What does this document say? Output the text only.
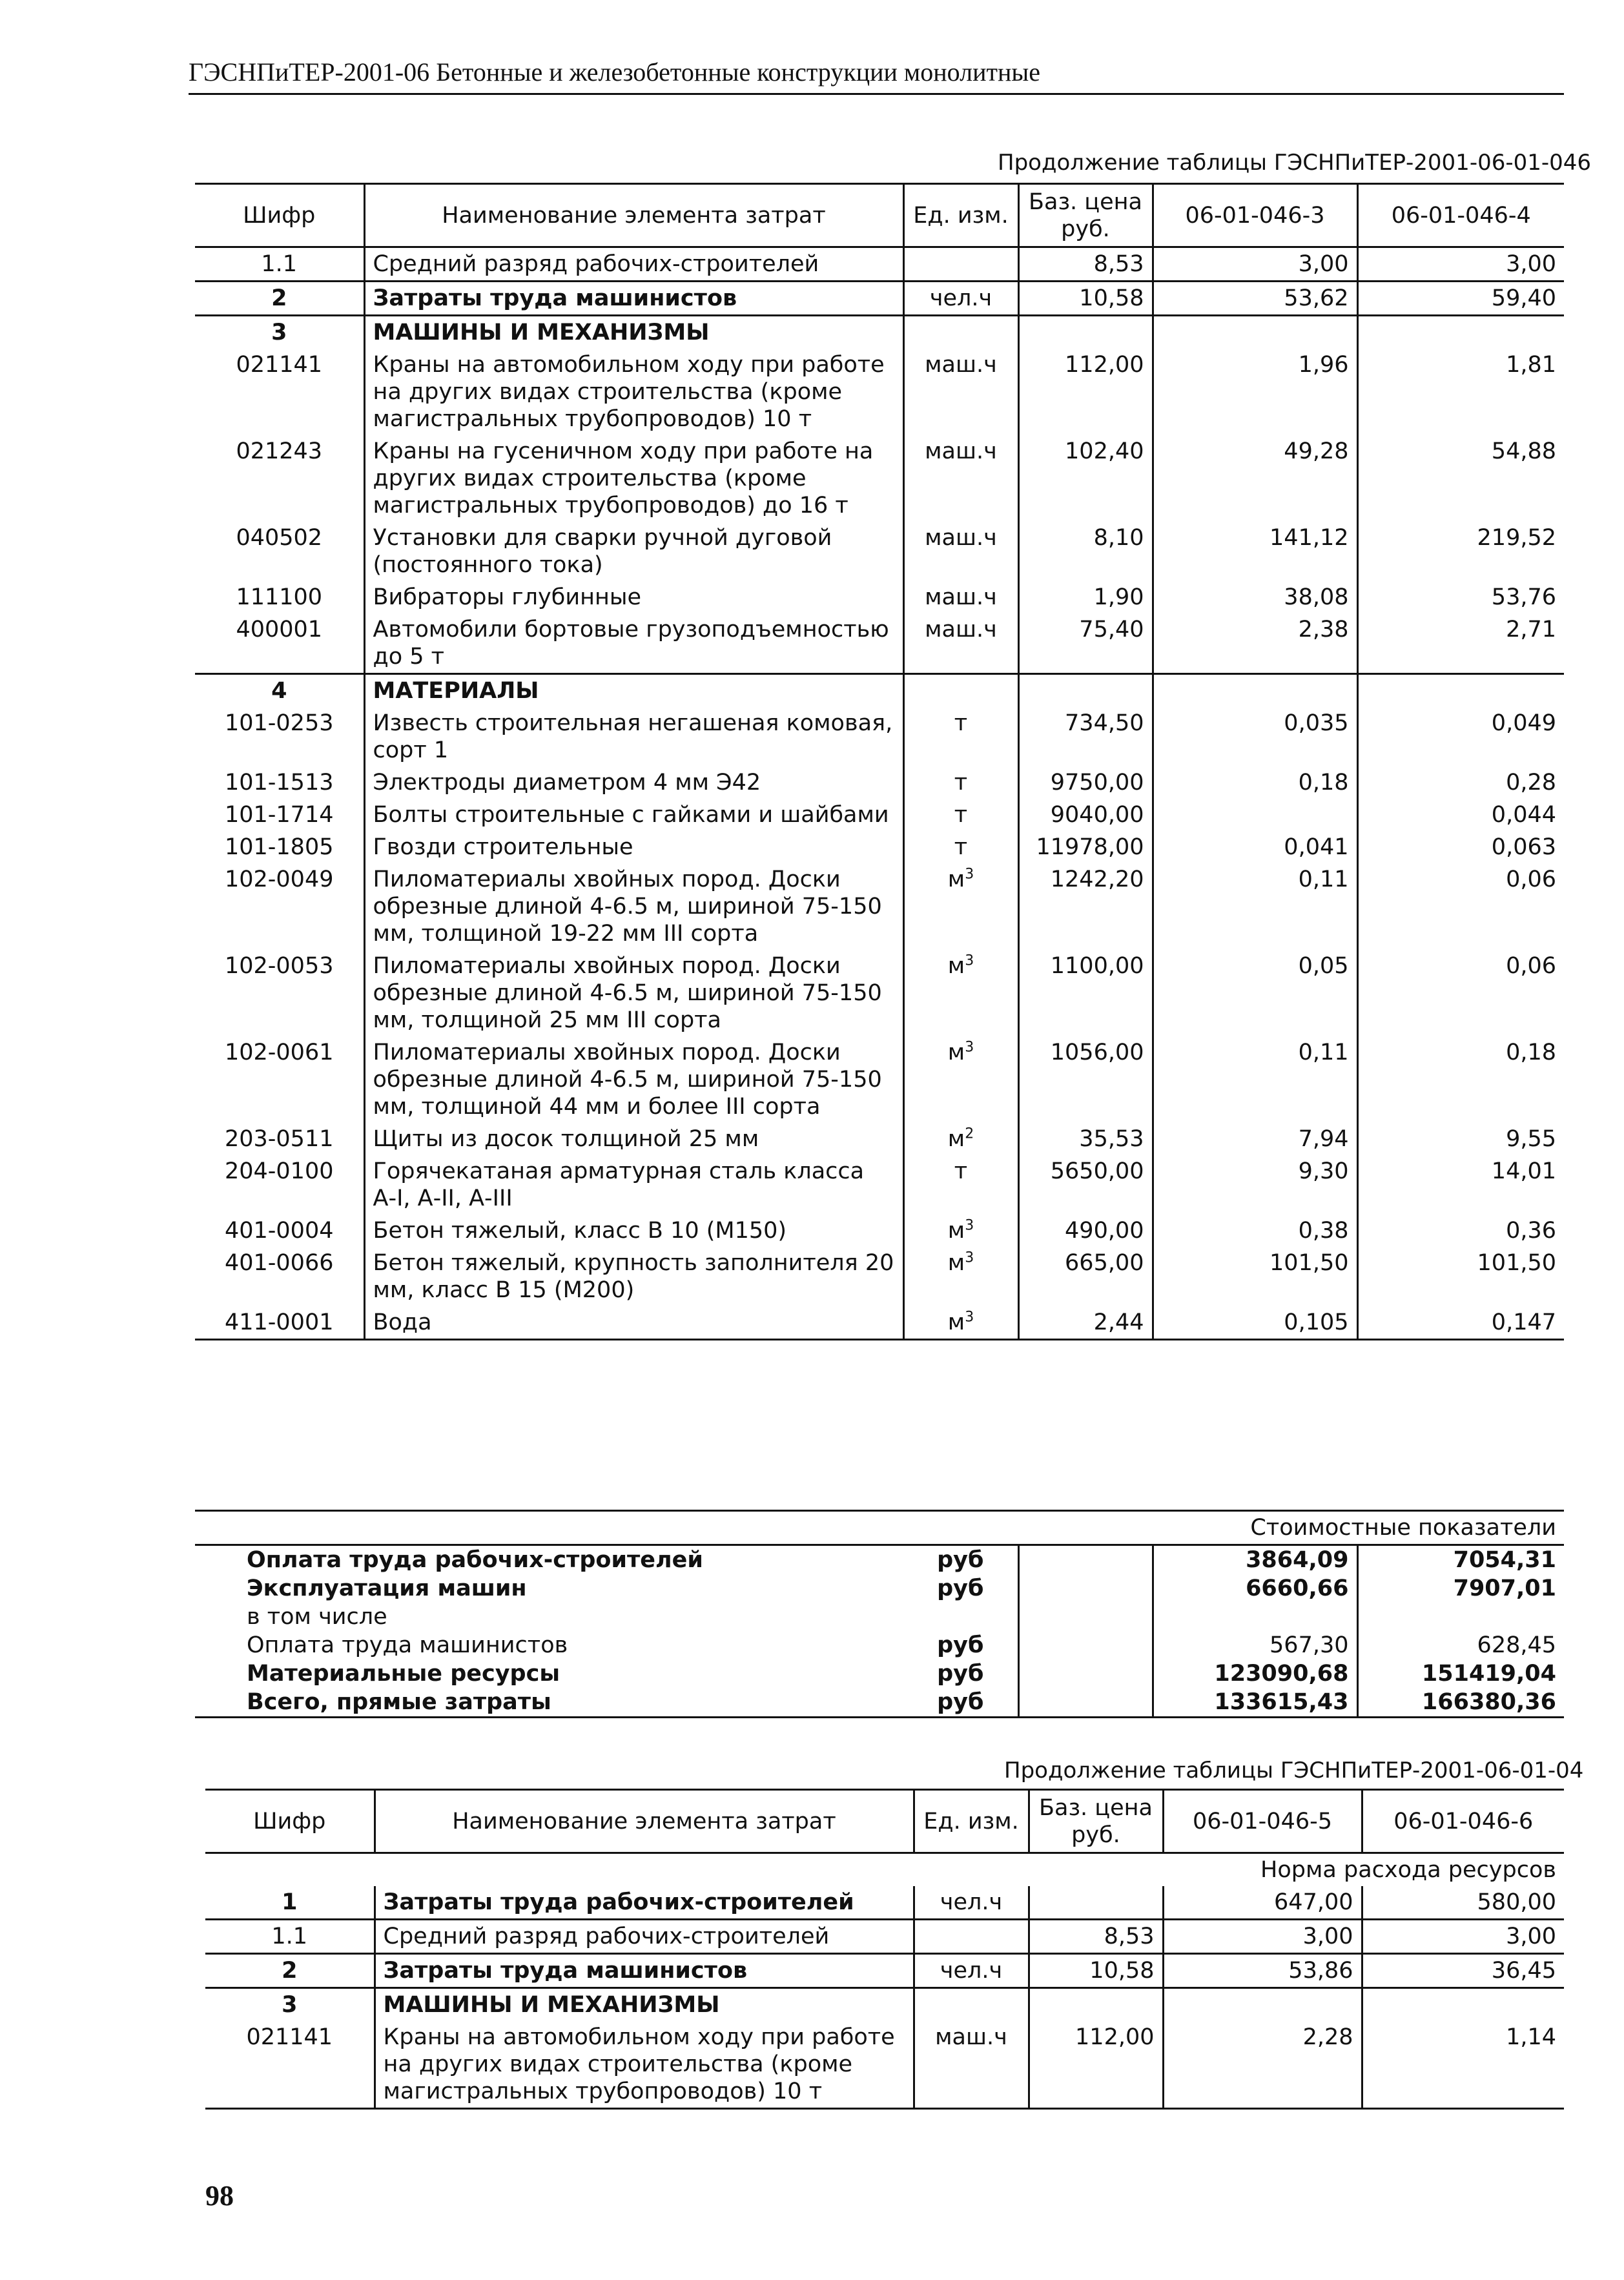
ГЭСНПиТЕР-2001-06 Бетонные и железобетонные конструкции монолитные
Продолжение таблицы ГЭСНПиТЕР-2001-06-01-046
Шифр	Наименование элемента затрат	Ед. изм.	Баз. цена руб.	06-01-046-3	06-01-046-4
1.1	Средний разряд рабочих-строителей		8,53	3,00	3,00
2	Затраты труда машинистов	чел.ч	10,58	53,62	59,40
3	МАШИНЫ И МЕХАНИЗМЫ				
021141	Краны на автомобильном ходу при работе на других видах строительства (кроме магистральных трубопроводов) 10 т	маш.ч	112,00	1,96	1,81
021243	Краны на гусеничном ходу при работе на других видах строительства (кроме магистральных трубопроводов) до 16 т	маш.ч	102,40	49,28	54,88
040502	Установки для сварки ручной дуговой (постоянного тока)	маш.ч	8,10	141,12	219,52
111100	Вибраторы глубинные	маш.ч	1,90	38,08	53,76
400001	Автомобили бортовые грузоподъемностью до 5 т	маш.ч	75,40	2,38	2,71
4	МАТЕРИАЛЫ				
101-0253	Известь строительная негашеная комовая, сорт 1	т	734,50	0,035	0,049
101-1513	Электроды диаметром 4 мм Э42	т	9750,00	0,18	0,28
101-1714	Болты строительные с гайками и шайбами	т	9040,00		0,044
101-1805	Гвозди строительные	т	11978,00	0,041	0,063
102-0049	Пиломатериалы хвойных пород. Доски обрезные длиной 4-6.5 м, шириной 75-150 мм, толщиной 19-22 мм III сорта	$м^3$	1242,20	0,11	0,06
102-0053	Пиломатериалы хвойных пород. Доски обрезные длиной 4-6.5 м, шириной 75-150 мм, толщиной 25 мм III сорта	$м^3$	1100,00	0,05	0,06
102-0061	Пиломатериалы хвойных пород. Доски обрезные длиной 4-6.5 м, шириной 75-150 мм, толщиной 44 мм и более III сорта	$м^3$	1056,00	0,11	0,18
203-0511	Щиты из досок толщиной 25 мм	$м^2$	35,53	7,94	9,55
204-0100	Горячекатаная арматурная сталь класса А-I, А-II, А-III	т	5650,00	9,30	14,01
401-0004	Бетон тяжелый, класс В 10 (М150)	$м^3$	490,00	0,38	0,36
401-0066	Бетон тяжелый, крупность заполнителя 20 мм, класс В 15 (М200)	$м^3$	665,00	101,50	101,50
411-0001	Вода	$м^3$	2,44	0,105	0,147
Стоимостные показатели				
Оплата труда рабочих-строителей	руб		3864,09	7054,31
Эксплуатация машин	руб		6660,66	7907,01
в том числе				
Оплата труда машинистов	руб		567,30	628,45
Материальные ресурсы	руб		123090,68	151419,04
Всего, прямые затраты	руб		133615,43	166380,36
Продолжение таблицы ГЭСНПиТЕР-2001-06-01-04
Шифр	Наименование элемента затрат	Ед. изм.	Баз. цена руб.	06-01-046-5	06-01-046-6
Норма расхода ресурсов					
1	Затраты труда рабочих-строителей	чел.ч		647,00	580,00
1.1	Средний разряд рабочих-строителей		8,53	3,00	3,00
2	Затраты труда машинистов	чел.ч	10,58	53,86	36,45
3	МАШИНЫ И МЕХАНИЗМЫ				
021141	Краны на автомобильном ходу при работе на других видах строительства (кроме магистральных трубопроводов) 10 т	маш.ч	112,00	2,28	1,14
98
